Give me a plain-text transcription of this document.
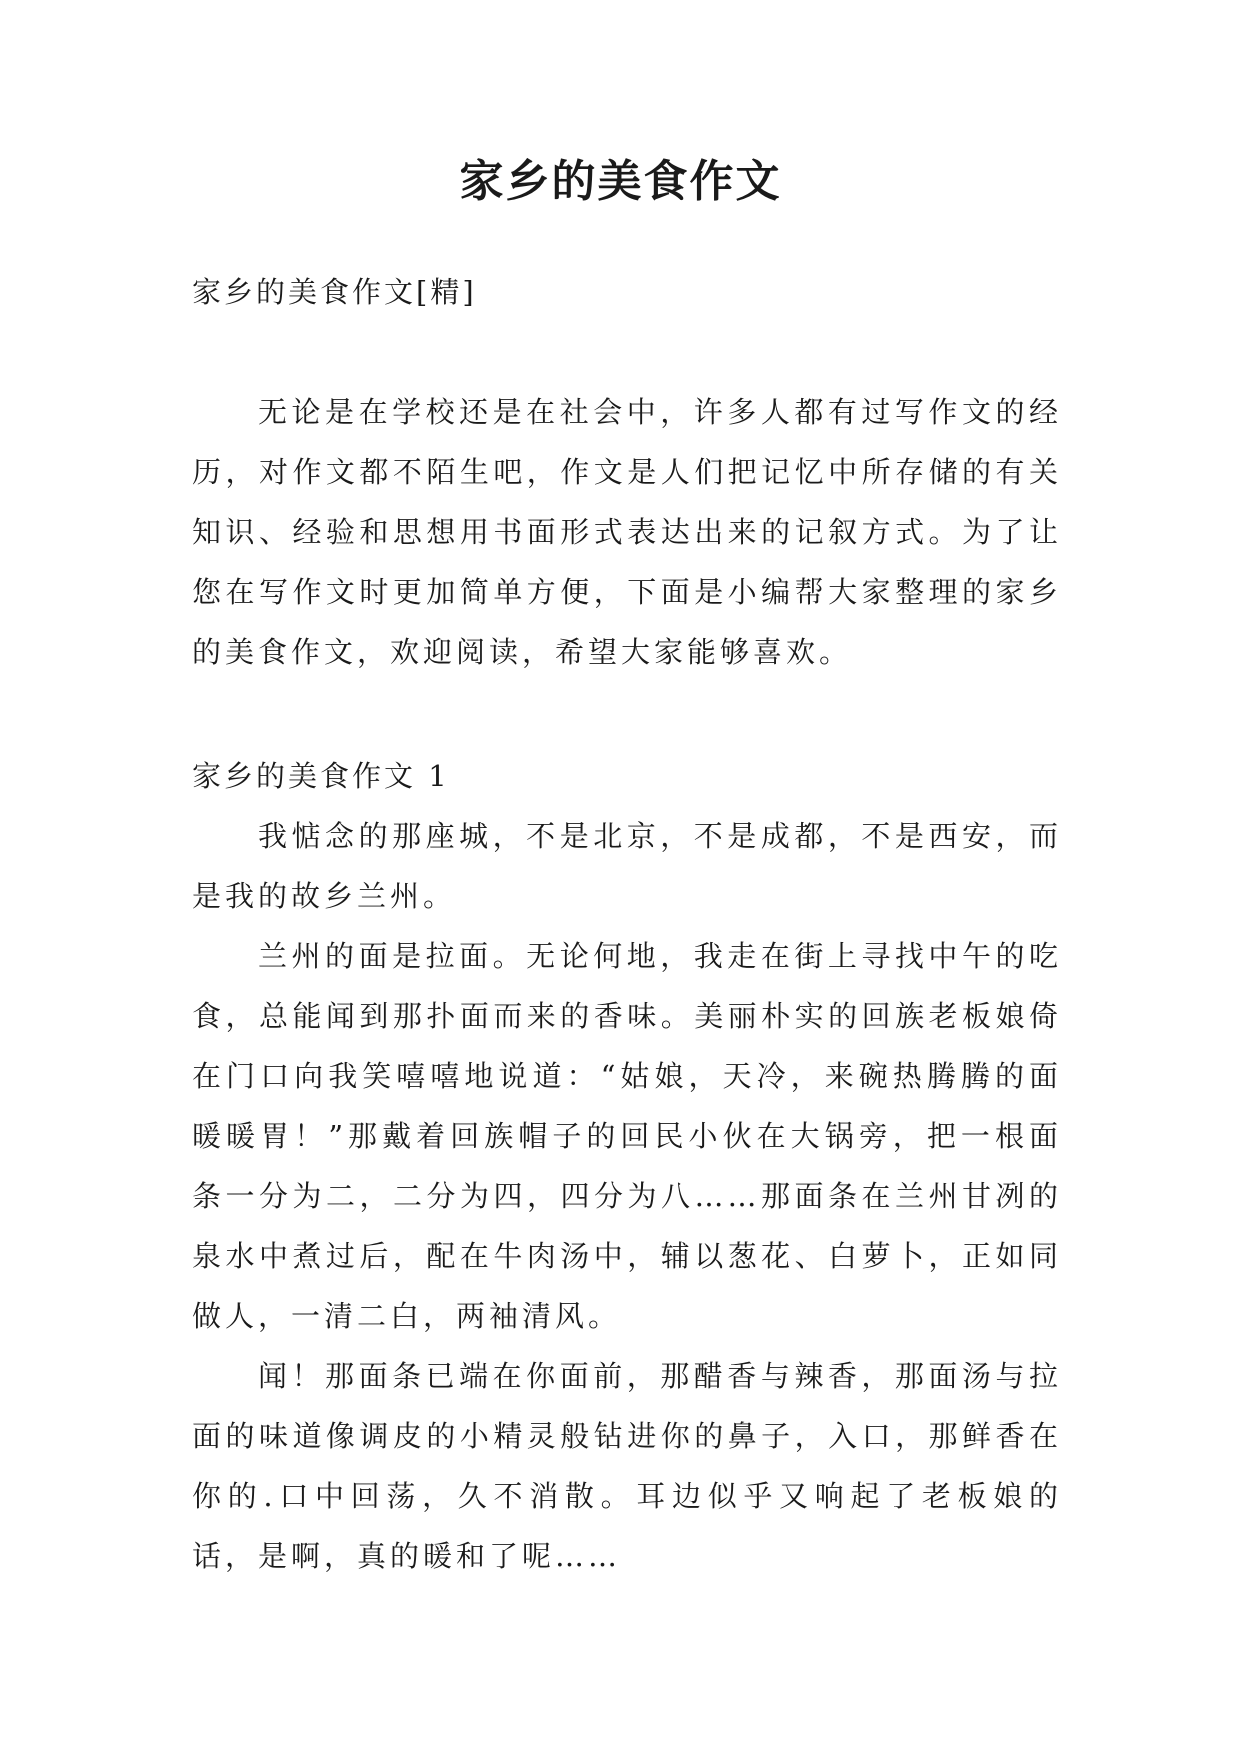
家乡的美食作文

家乡的美食作文[精]

无论是在学校还是在社会中，许多人都有过写作文的经历，对作文都不陌生吧，作文是人们把记忆中所存储的有关知识、经验和思想用书面形式表达出来的记叙方式。为了让您在写作文时更加简单方便，下面是小编帮大家整理的家乡的美食作文，欢迎阅读，希望大家能够喜欢。

家乡的美食作文 1

我惦念的那座城，不是北京，不是成都，不是西安，而是我的故乡兰州。

兰州的面是拉面。无论何地，我走在街上寻找中午的吃食，总能闻到那扑面而来的香味。美丽朴实的回族老板娘倚在门口向我笑嘻嘻地说道：“姑娘，天冷，来碗热腾腾的面暖暖胃！”那戴着回族帽子的回民小伙在大锅旁，把一根面条一分为二，二分为四，四分为八……那面条在兰州甘冽的泉水中煮过后，配在牛肉汤中，辅以葱花、白萝卜，正如同做人，一清二白，两袖清风。

闻！那面条已端在你面前，那醋香与辣香，那面汤与拉面的味道像调皮的小精灵般钻进你的鼻子，入口，那鲜香在你的.口中回荡，久不消散。耳边似乎又响起了老板娘的话，是啊，真的暖和了呢……
